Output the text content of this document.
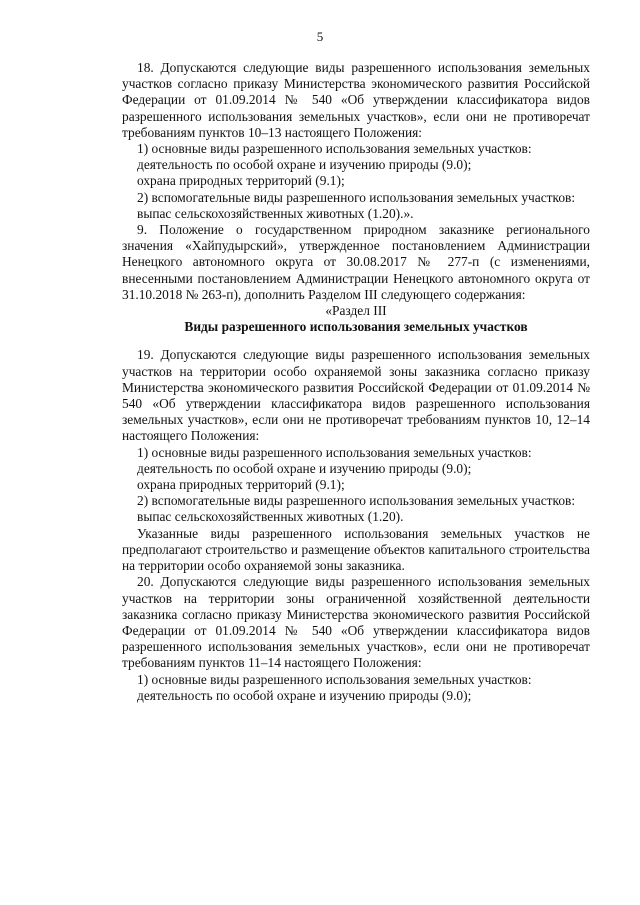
5

18. Допускаются следующие виды разрешенного использования земельных участков согласно приказу Министерства экономического развития Российской Федерации от 01.09.2014 № 540 «Об утверждении классификатора видов разрешенного использования земельных участков», если они не противоречат требованиям пунктов 10–13 настоящего Положения:

1) основные виды разрешенного использования земельных участков:

деятельность по особой охране и изучению природы (9.0);

охрана природных территорий (9.1);

2) вспомогательные виды разрешенного использования земельных участков:

выпас сельскохозяйственных животных (1.20).».

9. Положение о государственном природном заказнике регионального значения «Хайпудырский», утвержденное постановлением Администрации Ненецкого автономного округа от 30.08.2017 № 277-п (с изменениями, внесенными постановлением Администрации Ненецкого автономного округа от 31.10.2018 № 263-п), дополнить Разделом III следующего содержания:

«Раздел III

Виды разрешенного использования земельных участков

19. Допускаются следующие виды разрешенного использования земельных участков на территории особо охраняемой зоны заказника согласно приказу Министерства экономического развития Российской Федерации от 01.09.2014 № 540 «Об утверждении классификатора видов разрешенного использования земельных участков», если они не противоречат требованиям пунктов 10, 12–14 настоящего Положения:

1) основные виды разрешенного использования земельных участков:

деятельность по особой охране и изучению природы (9.0);

охрана природных территорий (9.1);

2) вспомогательные виды разрешенного использования земельных участков:

выпас сельскохозяйственных животных (1.20).

Указанные виды разрешенного использования земельных участков не предполагают строительство и размещение объектов капитального строительства на территории особо охраняемой зоны заказника.

20. Допускаются следующие виды разрешенного использования земельных участков на территории зоны ограниченной хозяйственной деятельности заказника согласно приказу Министерства экономического развития Российской Федерации от 01.09.2014 № 540 «Об утверждении классификатора видов разрешенного использования земельных участков», если они не противоречат требованиям пунктов 11–14 настоящего Положения:

1) основные виды разрешенного использования земельных участков:

деятельность по особой охране и изучению природы (9.0);
